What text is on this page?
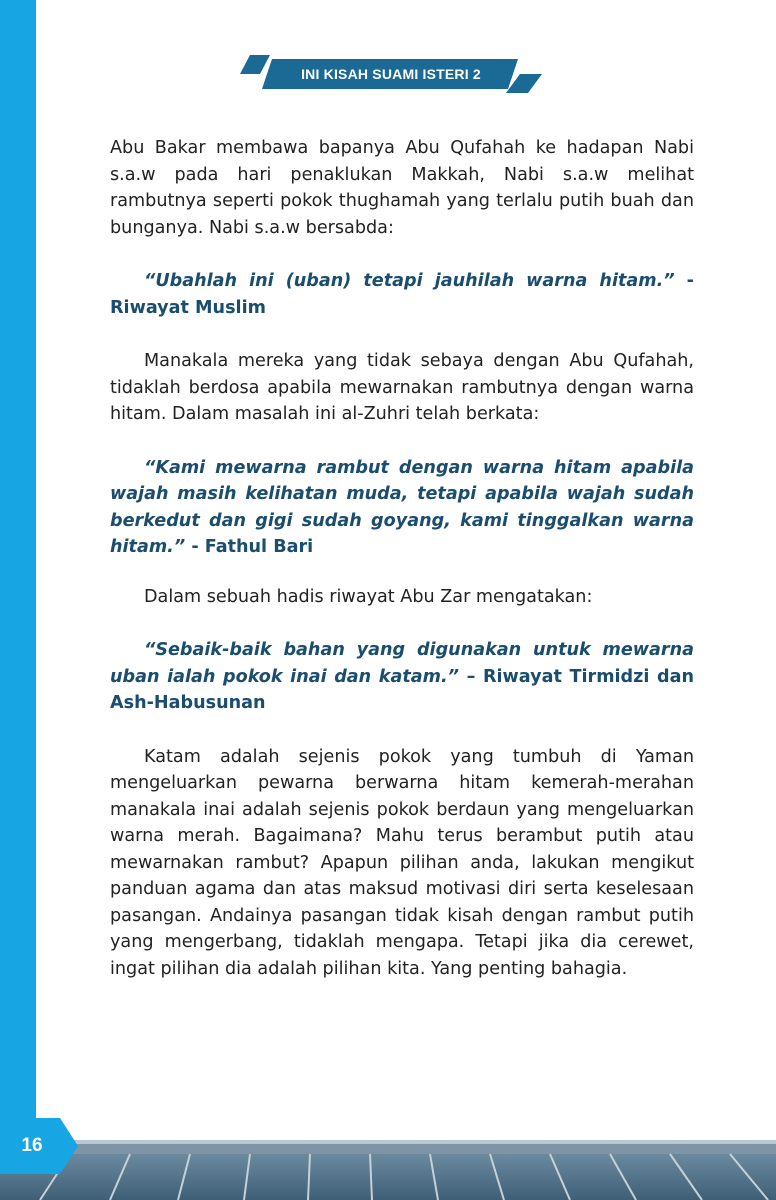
INI KISAH SUAMI ISTERI 2

Abu Bakar membawa bapanya Abu Qufahah ke hadapan Nabi s.a.w pada hari penaklukan Makkah, Nabi s.a.w melihat rambutnya seperti pokok thughamah yang terlalu putih buah dan bunganya. Nabi s.a.w bersabda:

“Ubahlah ini (uban) tetapi jauhilah warna hitam.” - Riwayat Muslim

Manakala mereka yang tidak sebaya dengan Abu Qufahah, tidaklah berdosa apabila mewarnakan rambutnya dengan warna hitam. Dalam masalah ini al-Zuhri telah berkata:

“Kami mewarna rambut dengan warna hitam apabila wajah masih kelihatan muda, tetapi apabila wajah sudah berkedut dan gigi sudah goyang, kami tinggalkan warna hitam.” - Fathul Bari

Dalam sebuah hadis riwayat Abu Zar mengatakan:

“Sebaik-baik bahan yang digunakan untuk mewarna uban ialah pokok inai dan katam.” – Riwayat Tirmidzi dan Ash-Habusunan

Katam adalah sejenis pokok yang tumbuh di Yaman mengeluarkan pewarna berwarna hitam kemerah-merahan manakala inai adalah sejenis pokok berdaun yang mengeluarkan warna merah. Bagaimana? Mahu terus berambut putih atau mewarnakan rambut? Apapun pilihan anda, lakukan mengikut panduan agama dan atas maksud motivasi diri serta keselesaan pasangan. Andainya pasangan tidak kisah dengan rambut putih yang mengerbang, tidaklah mengapa. Tetapi jika dia cerewet, ingat pilihan dia adalah pilihan kita. Yang penting bahagia.

16
